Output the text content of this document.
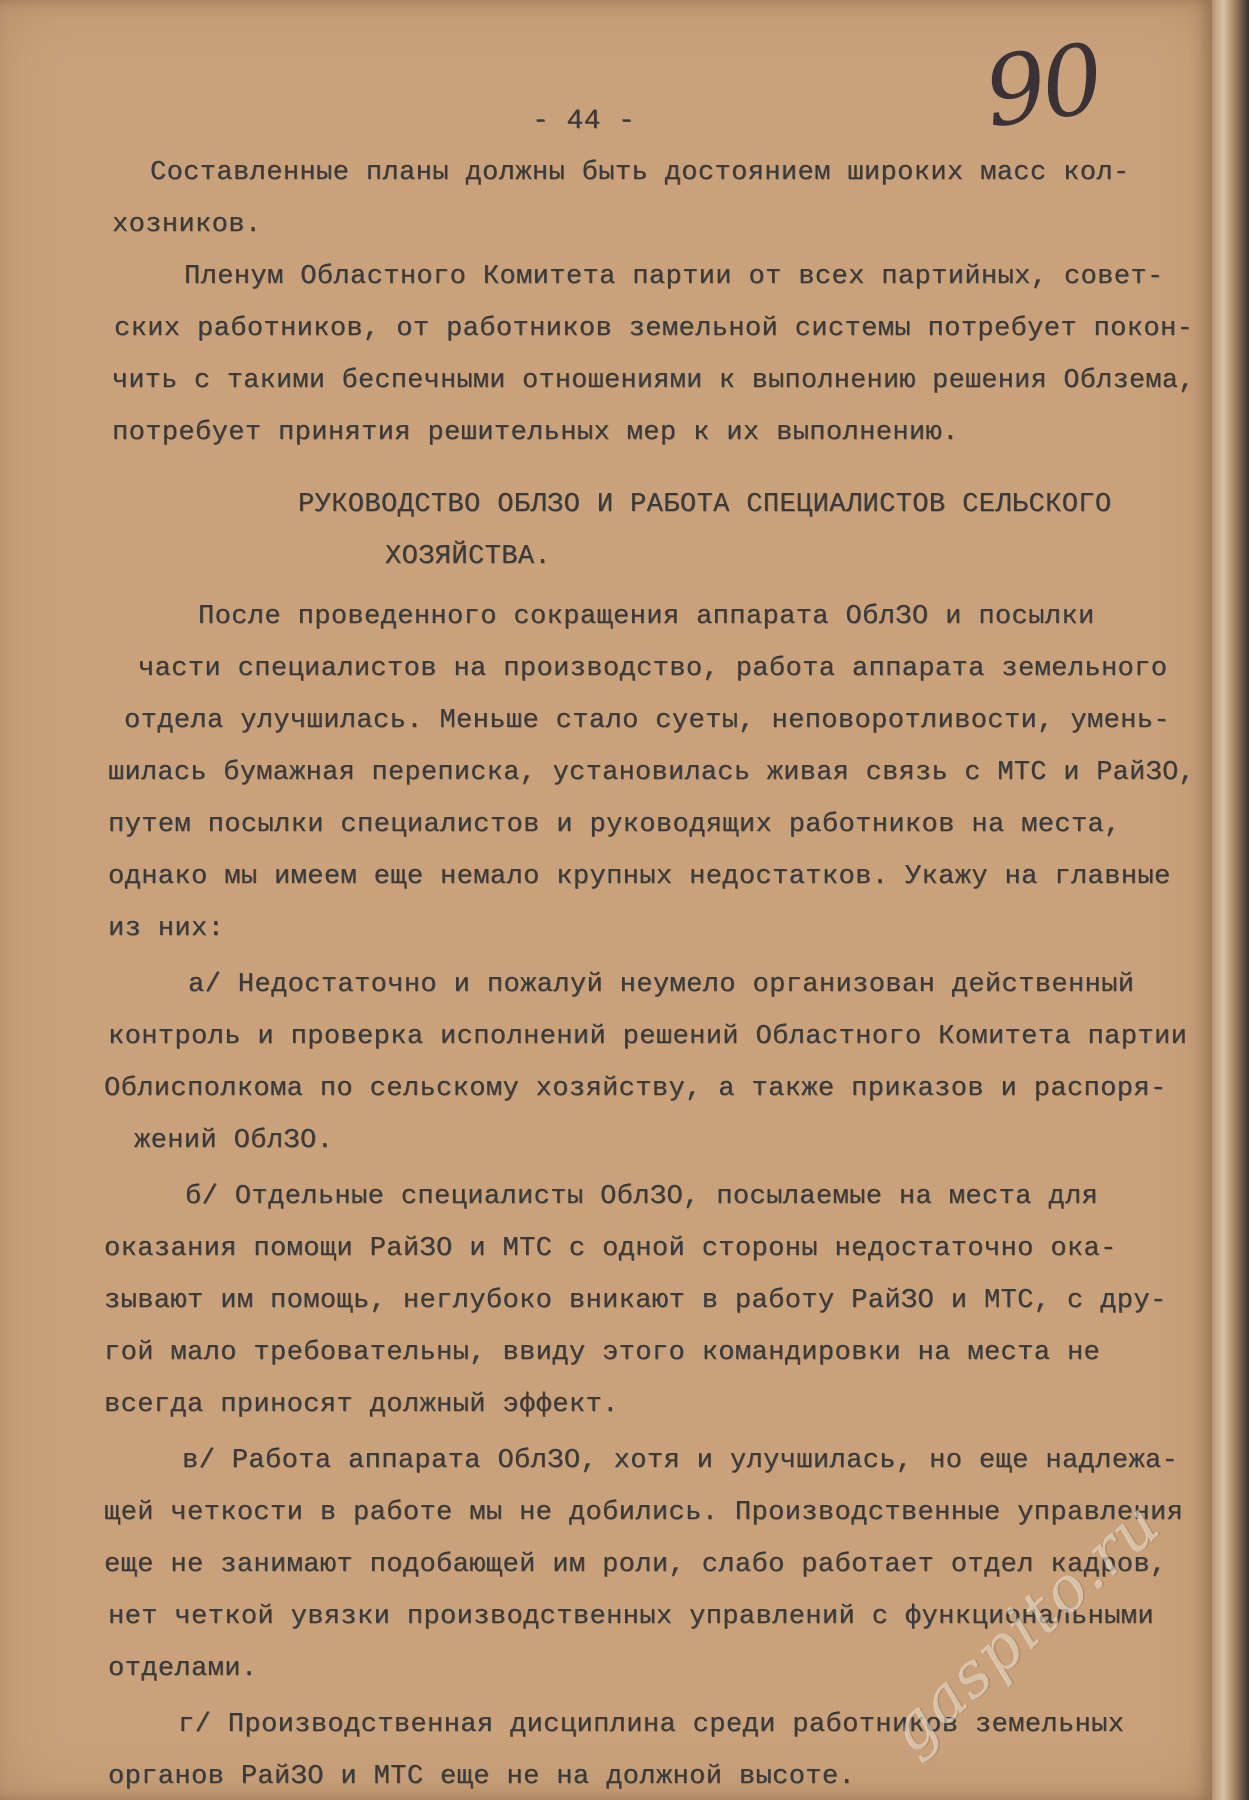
- 44 -	90
Составленные планы должны быть достоянием широких масс кол-
хозников.
Пленум Областного Комитета партии от всех партийных, совет-
ских работников, от работников земельной системы потребует покон-
чить с такими беспечными отношениями к выполнению решения Облзема,
потребует принятия решительных мер к их выполнению.
РУКОВОДСТВО ОБЛЗО И РАБОТА СПЕЦИАЛИСТОВ СЕЛЬСКОГО
ХОЗЯЙСТВА.
После проведенного сокращения аппарата ОблЗО и посылки
части специалистов на производство, работа аппарата земельного
отдела улучшилась. Меньше стало суеты, неповоротливости, умень-
шилась бумажная переписка, установилась живая связь с МТС и РайЗО,
путем посылки специалистов и руководящих работников на места,
однако мы имеем еще немало крупных недостатков. Укажу на главные
из них:
а/ Недостаточно и пожалуй неумело организован действенный
контроль и проверка исполнений решений Областного Комитета партии
Облисполкома по сельскому хозяйству, а также приказов и распоря-
жений ОблЗО.
б/ Отдельные специалисты ОблЗО, посылаемые на места для
оказания помощи РайЗО и МТС с одной стороны недостаточно ока-
зывают им помощь, неглубоко вникают в работу РайЗО и МТС, с дру-
гой мало требовательны, ввиду этого командировки на места не
всегда приносят должный эффект.
в/ Работа аппарата ОблЗО, хотя и улучшилась, но еще надлежа-
щей четкости в работе мы не добились. Производственные управления
еще не занимают подобающей им роли, слабо работает отдел кадров,
нет четкой увязки производственных управлений с функциональными
отделами.
г/ Производственная дисциплина среди работников земельных
органов РайЗО и МТС еще не на должной высоте.
gaspito.ru
